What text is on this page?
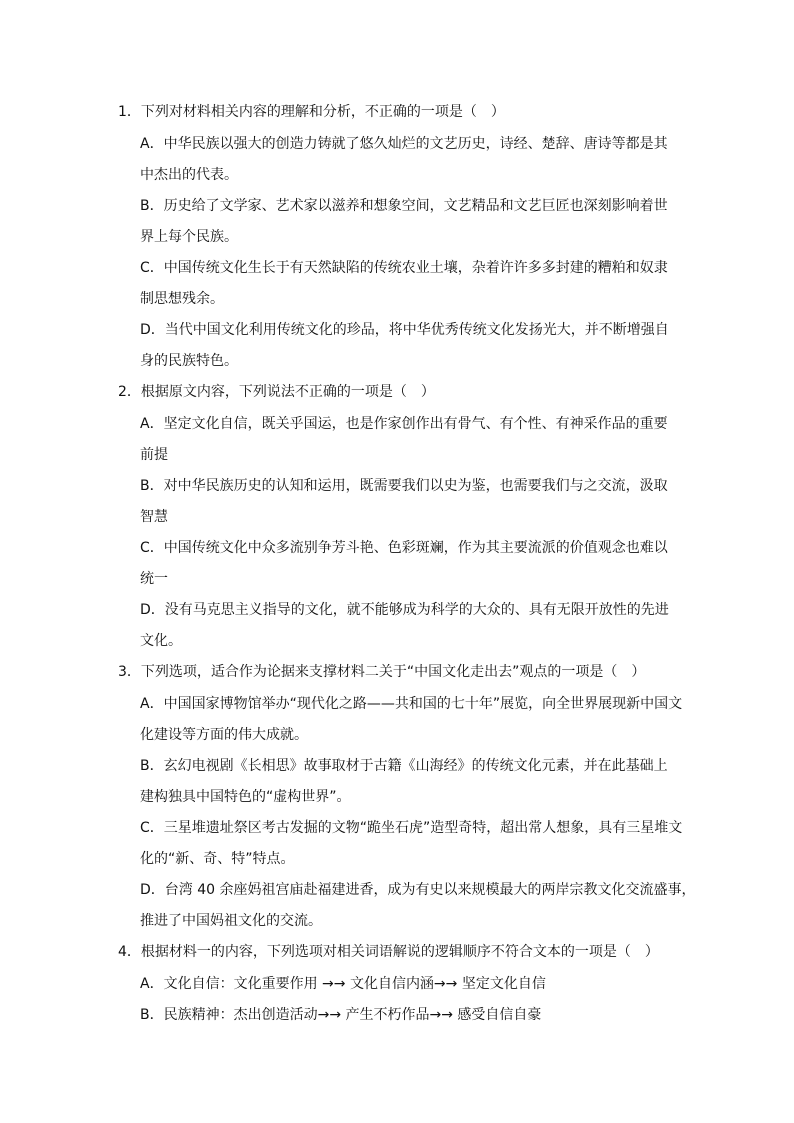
1．下列对材料相关内容的理解和分析，不正确的一项是（　）
A．中华民族以强大的创造力铸就了悠久灿烂的文艺历史，诗经、楚辞、唐诗等都是其
中杰出的代表。
B．历史给了文学家、艺术家以滋养和想象空间，文艺精品和文艺巨匠也深刻影响着世
界上每个民族。
C．中国传统文化生长于有天然缺陷的传统农业土壤，杂着许许多多封建的糟粕和奴隶
制思想残余。
D．当代中国文化利用传统文化的珍品，将中华优秀传统文化发扬光大，并不断增强自
身的民族特色。
2．根据原文内容，下列说法不正确的一项是（　）
A．坚定文化自信，既关乎国运，也是作家创作出有骨气、有个性、有神采作品的重要
前提
B．对中华民族历史的认知和运用，既需要我们以史为鉴，也需要我们与之交流，汲取
智慧
C．中国传统文化中众多流别争芳斗艳、色彩斑斓，作为其主要流派的价值观念也难以
统一
D．没有马克思主义指导的文化，就不能够成为科学的大众的、具有无限开放性的先进
文化。
3．下列选项，适合作为论据来支撑材料二关于“中国文化走出去”观点的一项是（　）
A．中国国家博物馆举办“现代化之路——共和国的七十年”展览，向全世界展现新中国文
化建设等方面的伟大成就。
B．玄幻电视剧《长相思》故事取材于古籍《山海经》的传统文化元素，并在此基础上
建构独具中国特色的“虚构世界”。
C．三星堆遗址祭区考古发掘的文物“跪坐石虎”造型奇特，超出常人想象，具有三星堆文
化的“新、奇、特”特点。
D．台湾 40 余座妈祖宫庙赴福建进香，成为有史以来规模最大的两岸宗教文化交流盛事，
推进了中国妈祖文化的交流。
4．根据材料一的内容，下列选项对相关词语解说的逻辑顺序不符合文本的一项是（　）
A．文化自信：文化重要作用 →→ 文化自信内涵→→ 坚定文化自信
B．民族精神：杰出创造活动→→ 产生不朽作品→→ 感受自信自豪
